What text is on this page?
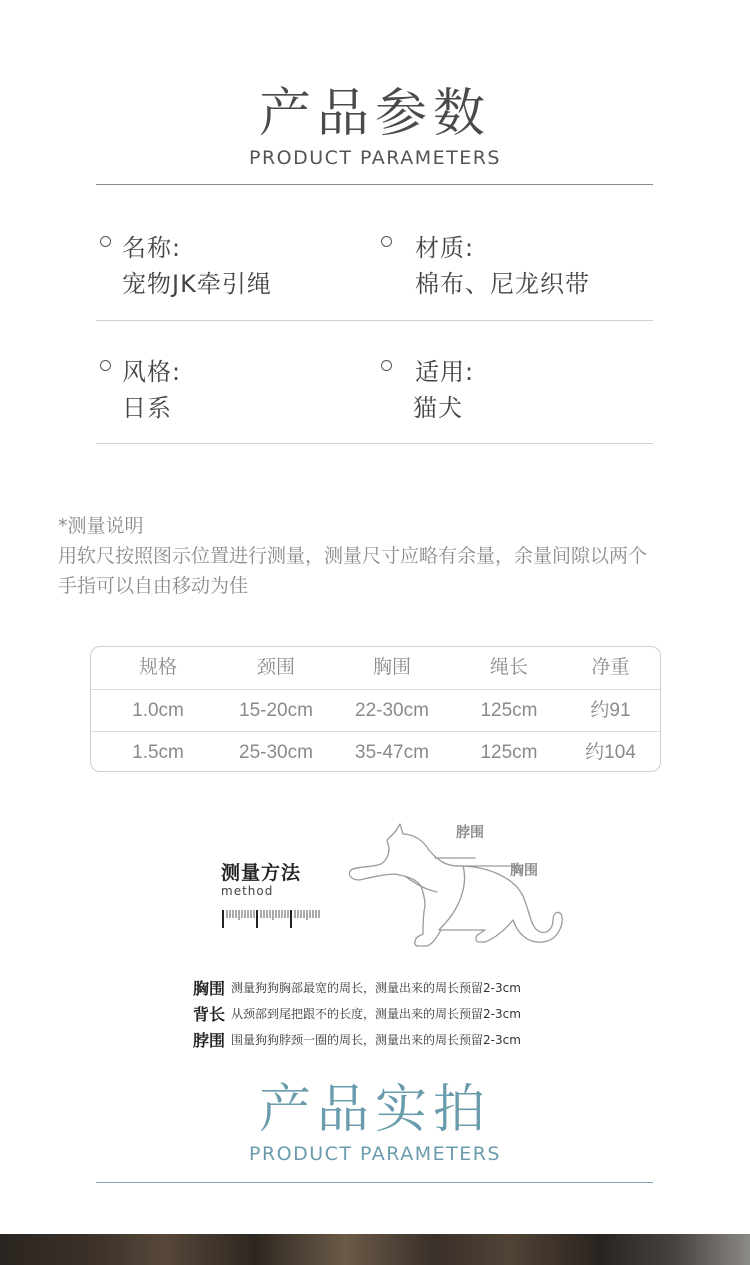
产品参数
PRODUCT PARAMETERS
名称:
宠物JK牵引绳
材质:
棉布、尼龙织带
风格:
日系
适用:
猫犬
*测量说明
用软尺按照图示位置进行测量，测量尺寸应略有余量，余量间隙以两个
手指可以自由移动为佳
规格	颈围	胸围	绳长	净重
1.0cm	15-20cm	22-30cm	125cm	约91
1.5cm	25-30cm	35-47cm	125cm	约104
测量方法
method
脖围
胸围
胸围 测量狗狗胸部最宽的周长，测量出来的周长预留2-3cm
背长 从颈部到尾把跟不的长度，测量出来的周长预留2-3cm
脖围 围量狗狗脖颈一圈的周长，测量出来的周长预留2-3cm
产品实拍
PRODUCT PARAMETERS
